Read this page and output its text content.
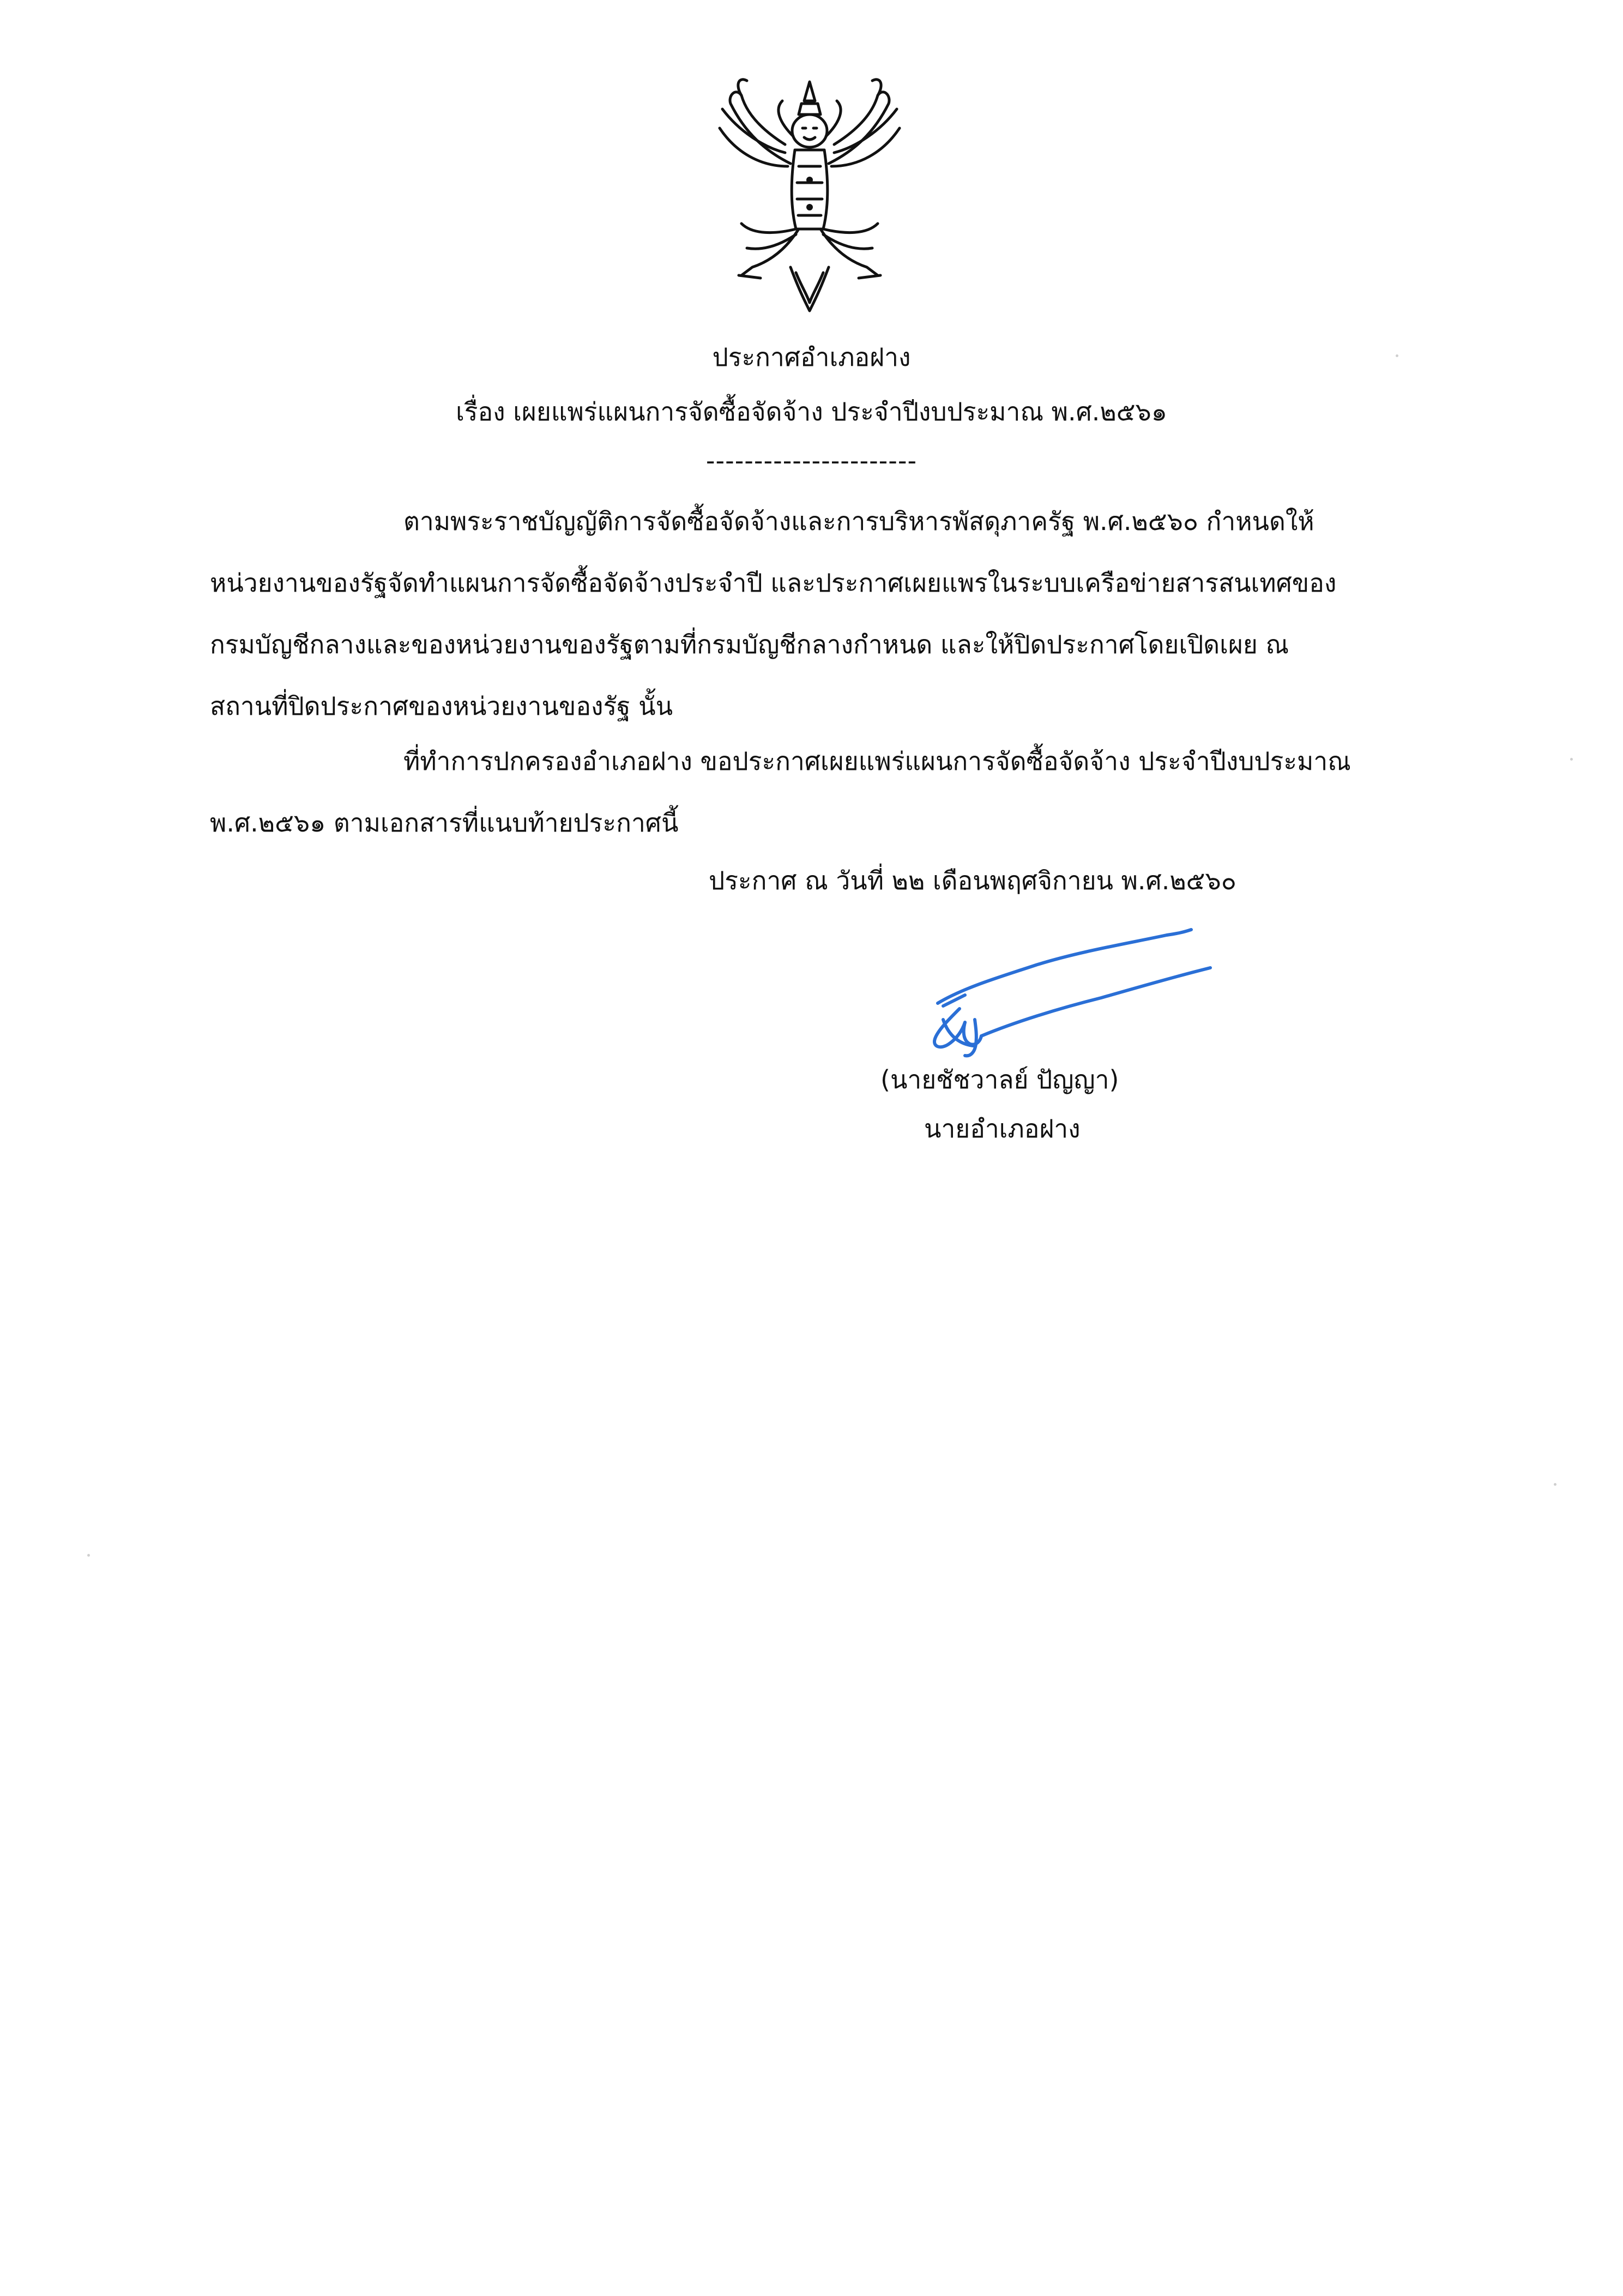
ประกาศอำเภอฝาง
เรื่อง เผยแพร่แผนการจัดซื้อจัดจ้าง ประจำปีงบประมาณ พ.ศ.๒๕๖๑
----------------------
ตามพระราชบัญญัติการจัดซื้อจัดจ้างและการบริหารพัสดุภาครัฐ พ.ศ.๒๕๖๐ กำหนดให้
หน่วยงานของรัฐจัดทำแผนการจัดซื้อจัดจ้างประจำปี และประกาศเผยแพรในระบบเครือข่ายสารสนเทศของ
กรมบัญชีกลางและของหน่วยงานของรัฐตามที่กรมบัญชีกลางกำหนด และให้ปิดประกาศโดยเปิดเผย ณ
สถานที่ปิดประกาศของหน่วยงานของรัฐ นั้น
ที่ทำการปกครองอำเภอฝาง ขอประกาศเผยแพร่แผนการจัดซื้อจัดจ้าง ประจำปีงบประมาณ
พ.ศ.๒๕๖๑ ตามเอกสารที่แนบท้ายประกาศนี้
ประกาศ ณ วันที่ ๒๒ เดือนพฤศจิกายน พ.ศ.๒๕๖๐
(นายชัชวาลย์ ปัญญา)
นายอำเภอฝาง
